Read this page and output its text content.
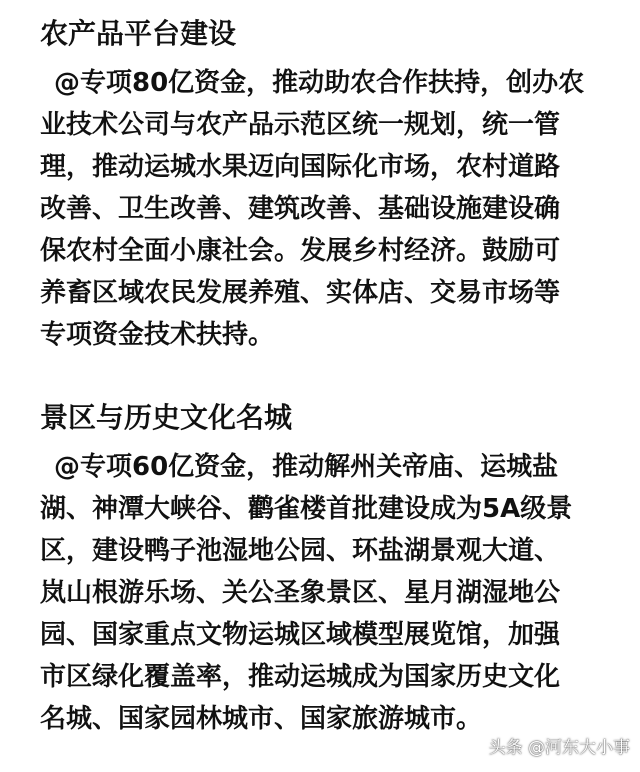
农产品平台建设
@专项80亿资金，推动助农合作扶持，创办农
业技术公司与农产品示范区统一规划，统一管
理，推动运城水果迈向国际化市场，农村道路
改善、卫生改善、建筑改善、基础设施建设确
保农村全面小康社会。发展乡村经济。鼓励可
养畜区域农民发展养殖、实体店、交易市场等
专项资金技术扶持。
景区与历史文化名城
@专项60亿资金，推动解州关帝庙、运城盐
湖、神潭大峡谷、鹳雀楼首批建设成为5A级景
区，建设鸭子池湿地公园、环盐湖景观大道、
岚山根游乐场、关公圣象景区、星月湖湿地公
园、国家重点文物运城区域模型展览馆，加强
市区绿化覆盖率，推动运城成为国家历史文化
名城、国家园林城市、国家旅游城市。
头条 @河东大小事
